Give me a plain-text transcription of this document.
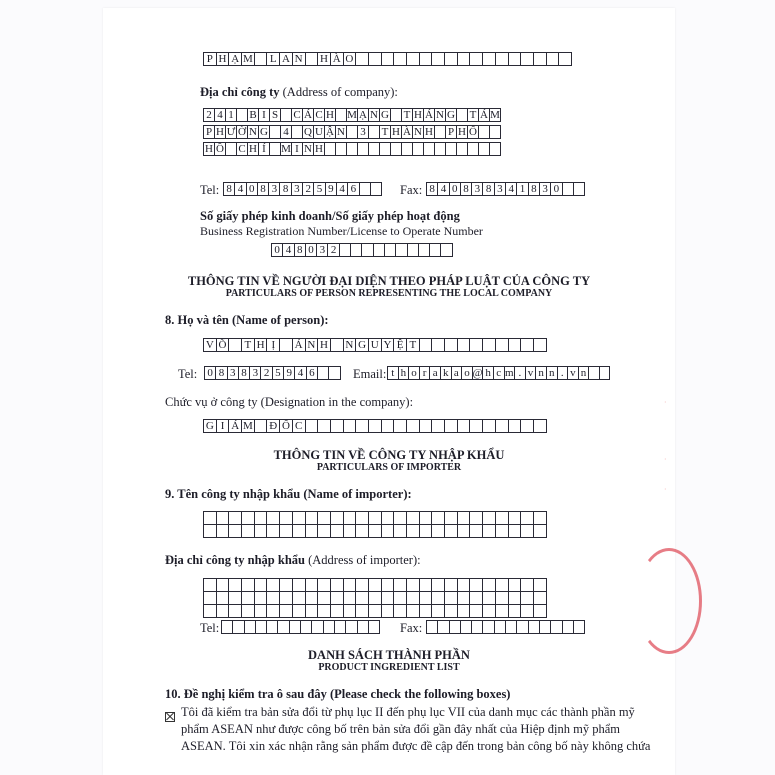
P H Ạ M	L A N H À O
Địa chỉ công ty (Address of company):
2 4 1 B I S C Á C H M Ạ N G T H Á N G T Á M
P H Ư Ờ N G 4 Q U Ậ N 3 T H À N H P H Ố
H Ồ C H Í	M I N H
Tel: 8 4 0 8 3 8 3 2 5 9 4 6	Fax: 8 4 0 8 3 8 3 4 1 8 3 0
Số giấy phép kinh doanh/Số giấy phép hoạt động
Business Registration Number/License to Operate Number
0 4 8 0 3 2
THÔNG TIN VỀ NGƯỜI ĐẠI DIỆN THEO PHÁP LUẬT CỦA CÔNG TY
PARTICULARS OF PERSON REPRESENTING THE LOCAL COMPANY
8. Họ và tên (Name of person):
V Õ	T H Ị	Á N H N G U Y Ệ T
Tel: 0 8 3 8 3 2 5 9 4 6	Email: t h o r a k a o @ h c m . v n n . v n
Chức vụ ở công ty (Designation in the company):
G I Á M Đ Ố C
THÔNG TIN VỀ CÔNG TY NHẬP KHẨU
PARTICULARS OF IMPORTER
9. Tên công ty nhập khẩu (Name of importer):
Địa chỉ công ty nhập khẩu (Address of importer):
Tel:	Fax:
DANH SÁCH THÀNH PHẦN
PRODUCT INGREDIENT LIST
10. Đề nghị kiểm tra ô sau đây (Please check the following boxes)
Tôi đã kiểm tra bản sửa đổi từ phụ lục II đến phụ lục VII của danh mục các thành phần mỹ
phẩm ASEAN như được công bố trên bản sửa đổi gần đây nhất của Hiệp định mỹ phẩm
ASEAN. Tôi xin xác nhận rằng sản phẩm được đề cập đến trong bản công bố này không chứa
·
·
·
